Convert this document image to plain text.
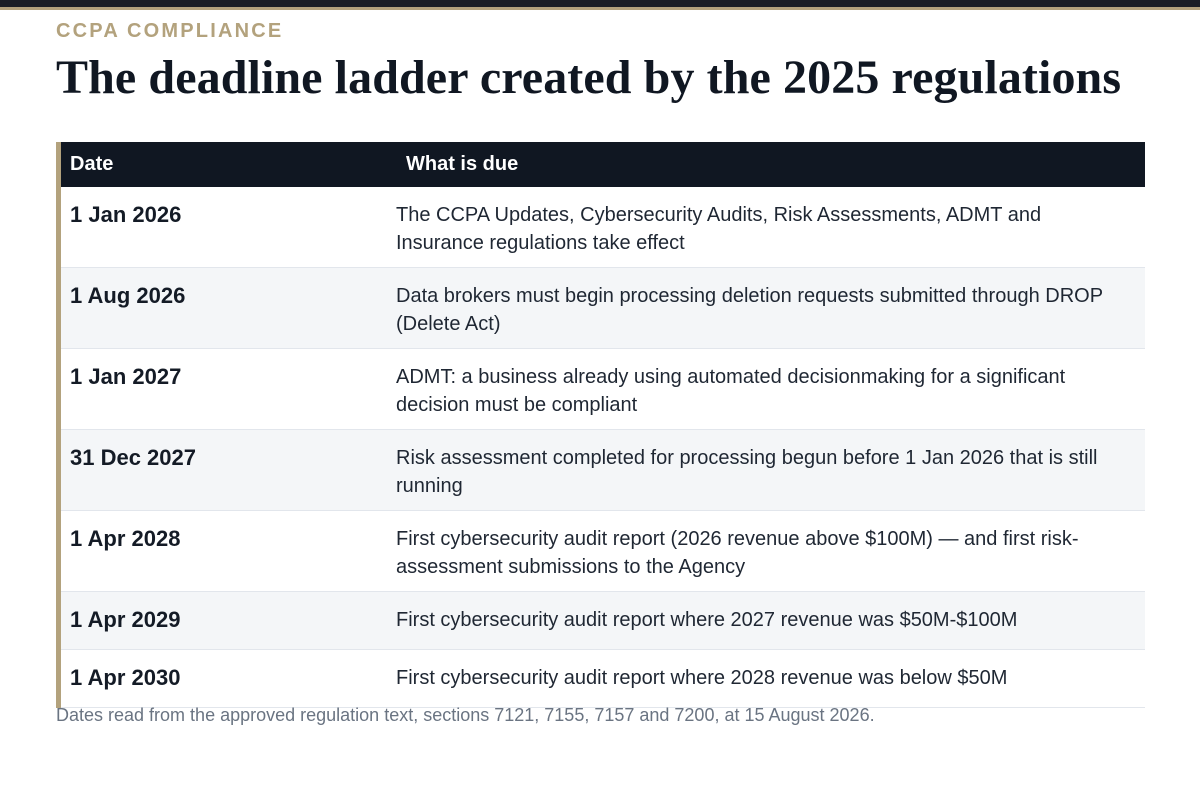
CCPA COMPLIANCE
The deadline ladder created by the 2025 regulations
Date	What is due
1 Jan 2026	The CCPA Updates, Cybersecurity Audits, Risk Assessments, ADMT and Insurance regulations take effect
1 Aug 2026	Data brokers must begin processing deletion requests submitted through DROP (Delete Act)
1 Jan 2027	ADMT: a business already using automated decisionmaking for a significant decision must be compliant
31 Dec 2027	Risk assessment completed for processing begun before 1 Jan 2026 that is still running
1 Apr 2028	First cybersecurity audit report (2026 revenue above $100M) — and first risk-assessment submissions to the Agency
1 Apr 2029	First cybersecurity audit report where 2027 revenue was $50M-$100M
1 Apr 2030	First cybersecurity audit report where 2028 revenue was below $50M

Dates read from the approved regulation text, sections 7121, 7155, 7157 and 7200, at 15 August 2026.
